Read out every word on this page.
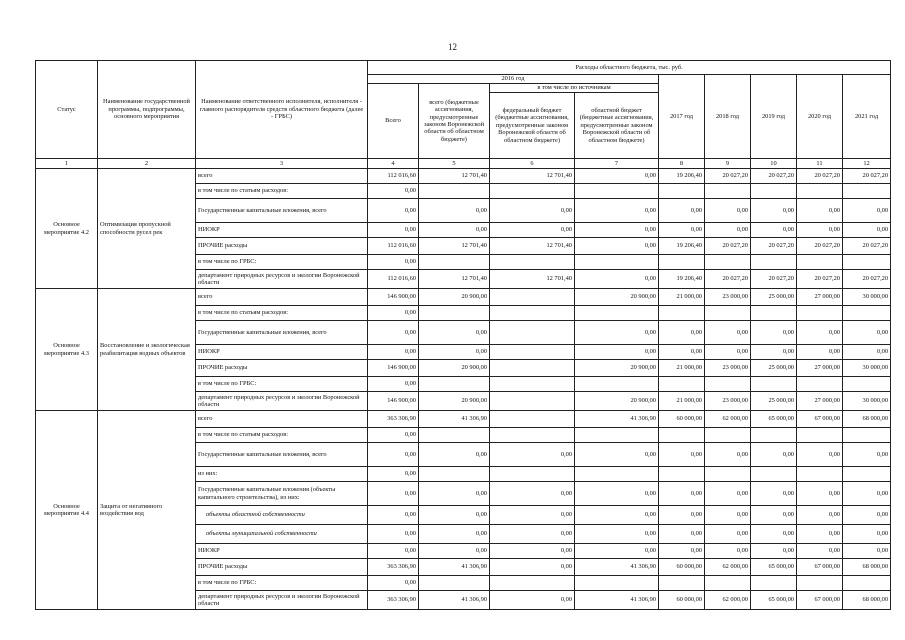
12
Статус	Наименование государственной программы, подпрограммы, основного мероприятия	Наименование ответственного исполнителя, исполнителя - главного распорядителя средств областного бюджета (далее - ГРБС)	Расходы областного бюджета, тыс. руб.								
			2016 год				2017 год	2018 год	2019 год	2020 год	2021 год
			Всего	всего (бюджетные ассигнования, предусмотренные законом Воронежской области об областном бюджете)	в том числе по источникам						
					федеральный бюджет (бюджетные ассигнования, предусмотренные законом Воронежской области об областном бюджете)	областной бюджет (бюджетные ассигнования, предусмотренные законом Воронежской области об областном бюджете)					
1	2	3	4	5	6	7	8	9	10	11	12
Основное мероприятие 4.2	Оптимизация пропускной способности русел рек	всего	112 016,60	12 701,40	12 701,40	0,00	19 206,40	20 027,20	20 027,20	20 027,20	20 027,20
		в том числе по статьям расходов:	0,00								
		Государственные капитальные вложения, всего	0,00	0,00	0,00	0,00	0,00	0,00	0,00	0,00	0,00
		НИОКР	0,00	0,00	0,00	0,00	0,00	0,00	0,00	0,00	0,00
		ПРОЧИЕ расходы	112 016,60	12 701,40	12 701,40	0,00	19 206,40	20 027,20	20 027,20	20 027,20	20 027,20
		в том числе по ГРБС:	0,00								
		департамент природных ресурсов и экологии Воронежской области	112 016,60	12 701,40	12 701,40	0,00	19 206,40	20 027,20	20 027,20	20 027,20	20 027,20
Основное мероприятие 4.3	Восстановление и экологическая реабилитация водных объектов	всего	146 900,00	20 900,00		20 900,00	21 000,00	23 000,00	25 000,00	27 000,00	30 000,00
		в том числе по статьям расходов:	0,00								
		Государственные капитальные вложения, всего	0,00	0,00		0,00	0,00	0,00	0,00	0,00	0,00
		НИОКР	0,00	0,00		0,00	0,00	0,00	0,00	0,00	0,00
		ПРОЧИЕ расходы	146 900,00	20 900,00		20 900,00	21 000,00	23 000,00	25 000,00	27 000,00	30 000,00
		в том числе по ГРБС:	0,00								
		департамент природных ресурсов и экологии Воронежской области	146 900,00	20 900,00		20 900,00	21 000,00	23 000,00	25 000,00	27 000,00	30 000,00
Основное мероприятие 4.4	Защита от негативного воздействия вод	всего	363 306,90	41 306,90		41 306,90	60 000,00	62 000,00	65 000,00	67 000,00	68 000,00
		в том числе по статьям расходов:	0,00								
		Государственные капитальные вложения, всего	0,00	0,00	0,00	0,00	0,00	0,00	0,00	0,00	0,00
		из них:	0,00								
		Государственные капитальные вложения (объекты капитального строительства), из них:	0,00	0,00	0,00	0,00	0,00	0,00	0,00	0,00	0,00
		объекты областной собственности	0,00	0,00	0,00	0,00	0,00	0,00	0,00	0,00	0,00
		объекты муниципальной собственности	0,00	0,00	0,00	0,00	0,00	0,00	0,00	0,00	0,00
		НИОКР	0,00	0,00	0,00	0,00	0,00	0,00	0,00	0,00	0,00
		ПРОЧИЕ расходы	363 306,90	41 306,90	0,00	41 306,90	60 000,00	62 000,00	65 000,00	67 000,00	68 000,00
		в том числе по ГРБС:	0,00								
		департамент природных ресурсов и экологии Воронежской области	363 306,90	41 306,90	0,00	41 306,90	60 000,00	62 000,00	65 000,00	67 000,00	68 000,00
